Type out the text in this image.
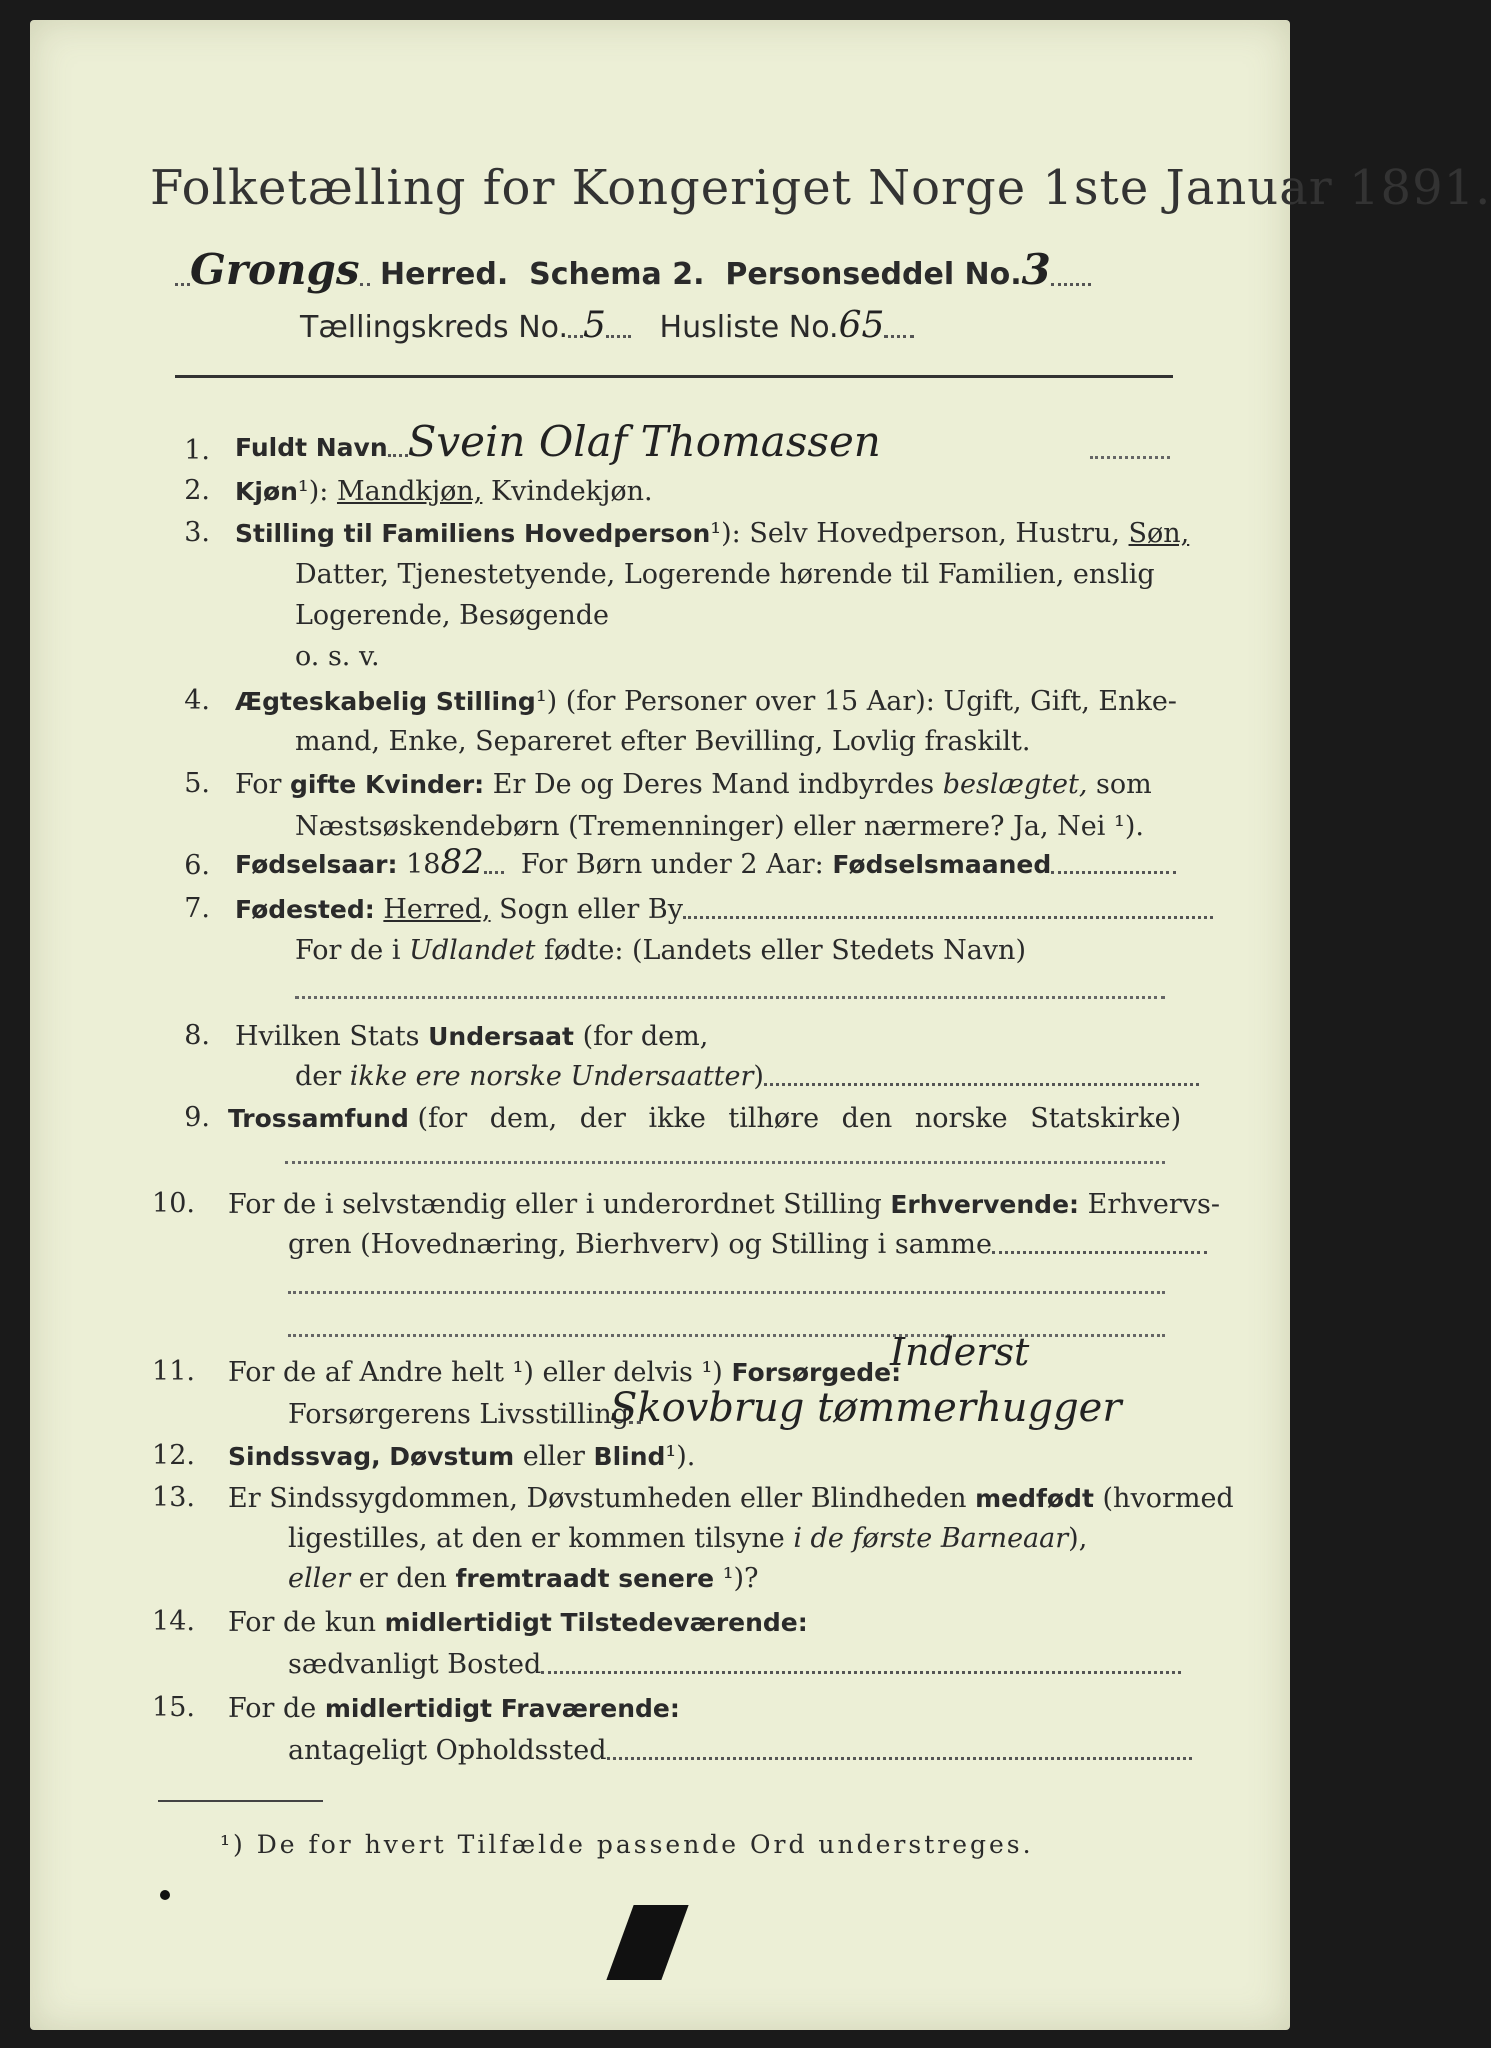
Folketælling for Kongeriget Norge 1ste Januar 1891.
Grongs Herred. Schema 2. Personseddel No.3
Tællingskreds No. 5 Husliste No.65
1. Fuldt Navn Svein Olaf Thomassen
2. Kjøn¹): Mandkjøn, Kvindekjøn.
3. Stilling til Familiens Hovedperson¹): Selv Hovedperson, Hustru, Søn,
Datter, Tjenestetyende, Logerende hørende til Familien, enslig
Logerende, Besøgende
o. s. v.
4. Ægteskabelig Stilling¹) (for Personer over 15 Aar): Ugift, Gift, Enke-
mand, Enke, Separeret efter Bevilling, Lovlig fraskilt.
5. For gifte Kvinder: Er De og Deres Mand indbyrdes beslægtet, som
Næstsøskendebørn (Tremenninger) eller nærmere? Ja, Nei ¹).
6. Fødselsaar: 1882 For Børn under 2 Aar: Fødselsmaaned
7. Fødested: Herred, Sogn eller By
For de i Udlandet fødte: (Landets eller Stedets Navn)
8. Hvilken Stats Undersaat (for dem,
der ikke ere norske Undersaatter)
9. Trossamfund (for dem, der ikke tilhøre den norske Statskirke)
10. For de i selvstændig eller i underordnet Stilling Erhvervende: Erhvervs-
gren (Hovednæring, Bierhverv) og Stilling i samme
11. For de af Andre helt ¹) eller delvis ¹) Forsørgede:
Inderst
Forsørgerens Livsstilling
Skovbrug tømmerhugger
12. Sindssvag, Døvstum eller Blind¹).
13. Er Sindssygdommen, Døvstumheden eller Blindheden medfødt (hvormed
ligestilles, at den er kommen tilsyne i de første Barneaar),
eller er den fremtraadt senere ¹)?
14. For de kun midlertidigt Tilstedeværende:
sædvanligt Bosted
15. For de midlertidigt Fraværende:
antageligt Opholdssted
¹) De for hvert Tilfælde passende Ord understreges.
